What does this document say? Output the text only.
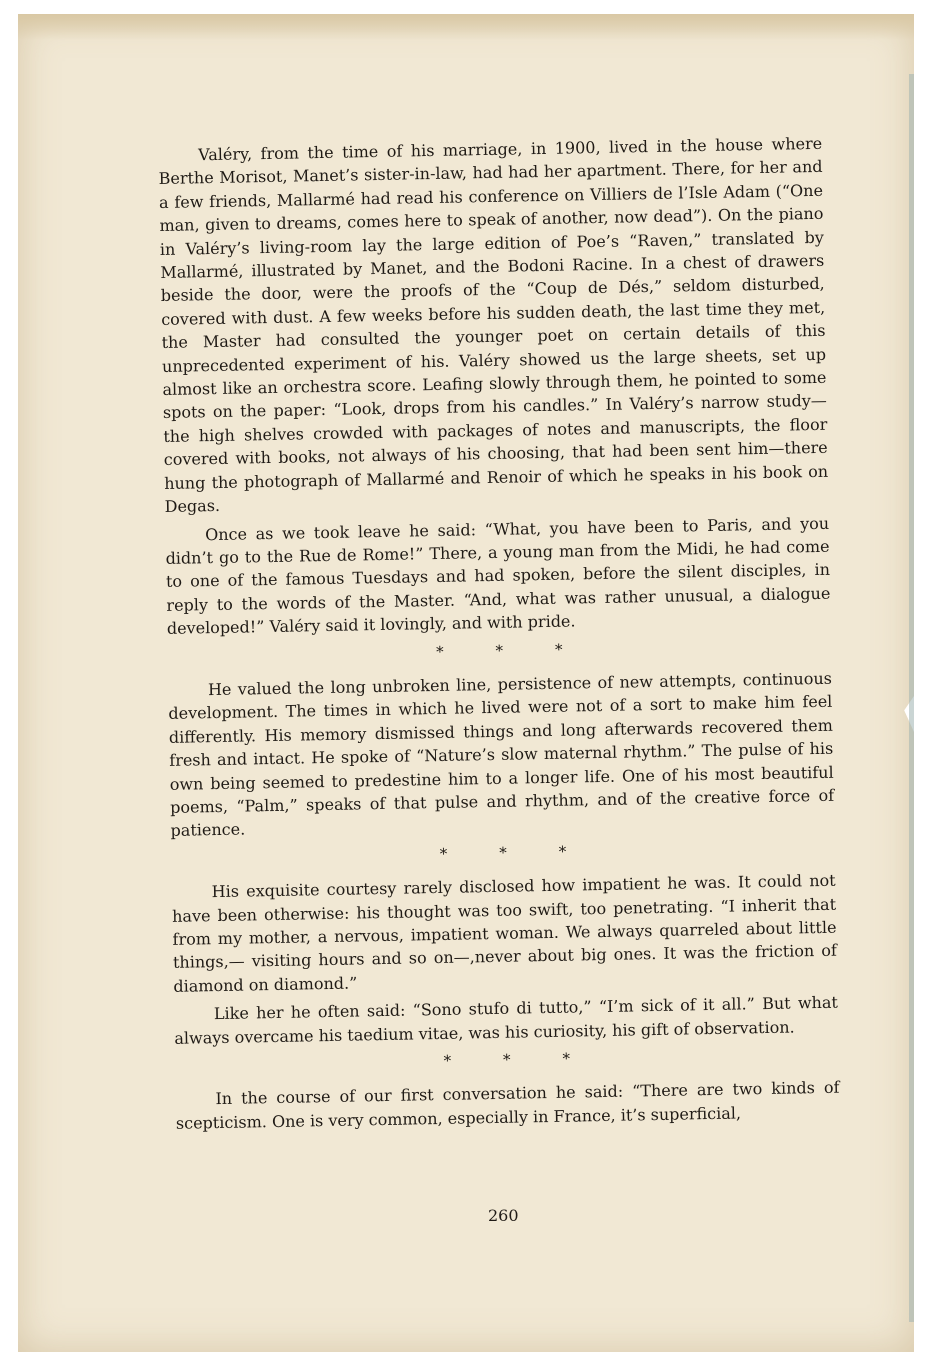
Valéry, from the time of his marriage, in 1900, lived in the house where Berthe Morisot, Manet’s sister-in-law, had had her apartment. There, for her and a few friends, Mallarmé had read his conference on Villiers de l’Isle Adam (“One man, given to dreams, comes here to speak of another, now dead”). On the piano in Valéry’s living-room lay the large edition of Poe’s “Raven,” translated by Mallarmé, illustrated by Manet, and the Bodoni Racine. In a chest of drawers beside the door, were the proofs of the “Coup de Dés,” seldom disturbed, covered with dust. A few weeks before his sudden death, the last time they met, the Master had consulted the younger poet on certain details of this unprecedented experiment of his. Valéry showed us the large sheets, set up almost like an orchestra score. Leafing slowly through them, he pointed to some spots on the paper: “Look, drops from his candles.” In Valéry’s narrow study—the high shelves crowded with packages of notes and manuscripts, the floor covered with books, not always of his choosing, that had been sent him—there hung the photograph of Mallarmé and Renoir of which he speaks in his book on Degas.

Once as we took leave he said: “What, you have been to Paris, and you didn’t go to the Rue de Rome!” There, a young man from the Midi, he had come to one of the famous Tuesdays and had spoken, before the silent disciples, in reply to the words of the Master. “And, what was rather unusual, a dialogue developed!” Valéry said it lovingly, and with pride.

*	*	*

He valued the long unbroken line, persistence of new attempts, continuous development. The times in which he lived were not of a sort to make him feel differently. His memory dismissed things and long afterwards recovered them fresh and intact. He spoke of “Nature’s slow maternal rhythm.” The pulse of his own being seemed to predestine him to a longer life. One of his most beautiful poems, “Palm,” speaks of that pulse and rhythm, and of the creative force of patience.

*	*	*

His exquisite courtesy rarely disclosed how impatient he was. It could not have been otherwise: his thought was too swift, too penetrating. “I inherit that from my mother, a nervous, impatient woman. We always quarreled about little things,— visiting hours and so on—,never about big ones. It was the friction of diamond on diamond.”

Like her he often said: “Sono stufo di tutto,” “I’m sick of it all.” But what always overcame his taedium vitae, was his curiosity, his gift of observation.

*	*	*

In the course of our first conversation he said: “There are two kinds of scepticism. One is very common, especially in France, it’s superficial,

260
